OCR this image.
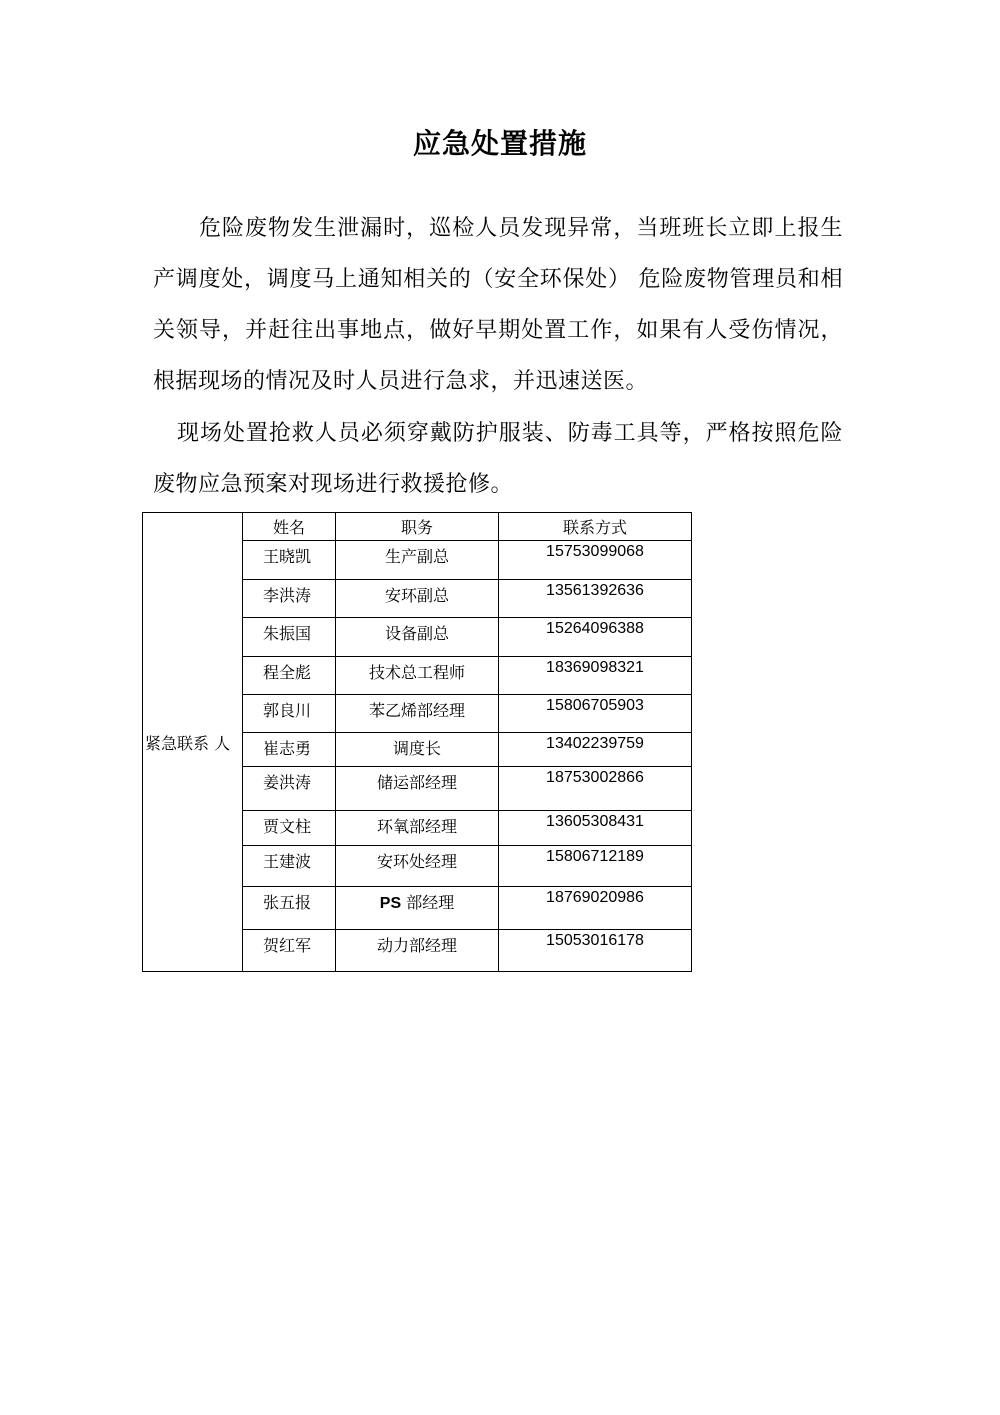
应急处置措施
危险废物发生泄漏时，巡检人员发现异常，当班班长立即上报生产调度处，调度马上通知相关的（安全环保处） 危险废物管理员和相关领导，并赶往出事地点，做好早期处置工作，如果有人受伤情况，根据现场的情况及时人员进行急求，并迅速送医。
现场处置抢救人员必须穿戴防护服装、防毒工具等，严格按照危险废物应急预案对现场进行救援抢修。
紧急联系 人	姓名	职务	联系方式
	王晓凯	生产副总	15753099068
	李洪涛	安环副总	13561392636
	朱振国	设备副总	15264096388
	程全彪	技术总工程师	18369098321
	郭良川	苯乙烯部经理	15806705903
	崔志勇	调度长	13402239759
	姜洪涛	储运部经理	18753002866
	贾文柱	环氧部经理	13605308431
	王建波	安环处经理	15806712189
	张五报	PS 部经理	18769020986
	贺红军	动力部经理	15053016178
